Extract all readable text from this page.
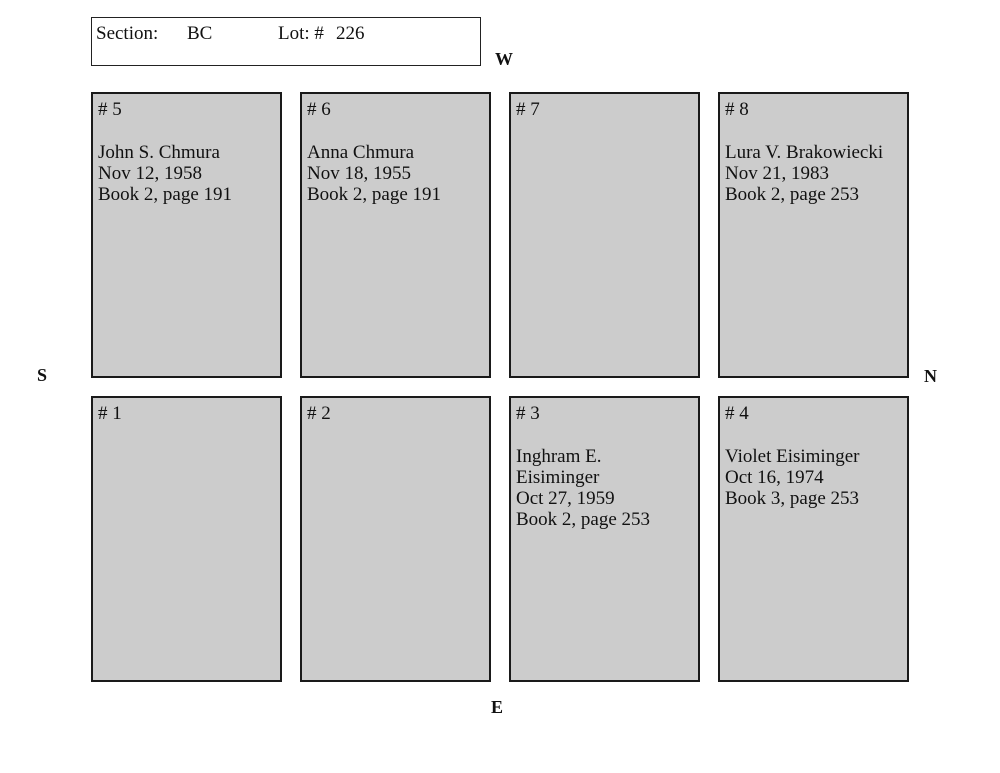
Section: BC	Lot: # 226
W
S	N
E
# 5
John S. Chmura
Nov 12, 1958
Book 2, page 191
# 6
Anna Chmura
Nov 18, 1955
Book 2, page 191
# 7	# 8
Lura V. Brakowiecki
Nov 21, 1983
Book 2, page 253
# 1	# 2	# 3
Inghram E. Eisiminger
Oct 27, 1959
Book 2, page 253
# 4
Violet Eisiminger
Oct 16, 1974
Book 3, page 253
